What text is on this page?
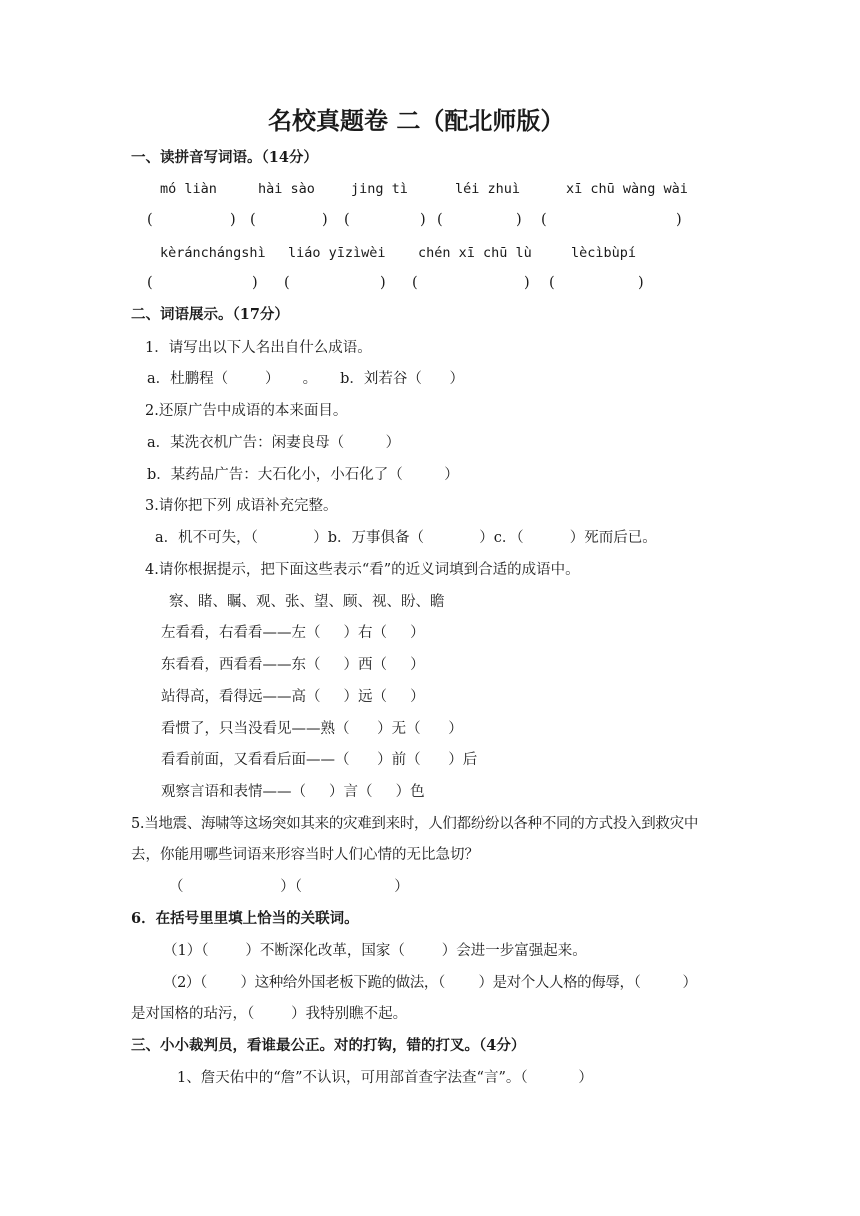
名校真题卷 二（配北师版）
一、读拼音写词语。（14分）
mó liàn	hài sào	jing tì	léi zhuì	xī chū wàng wài
(	) (	) (	) (	) (	)
kèránchángshì liáo yīzìwèi chén xī chū lù	lècìbùpí
(	) (	) (	) (	)
二、词语展示。（17分）
1．请写出以下人名出自什么成语。
a．杜鹏程（        ）     。     b．刘若谷（      ）
2.还原广告中成语的本来面目。
a．某洗衣机广告：闲妻良母（         ）
b．某药品广告：大石化小，小石化了（         ）
3.请你把下列 成语补充完整。
a．机不可失，（            ）b．万事俱备（            ）c．（          ）死而后已。
4.请你根据提示，把下面这些表示“看”的近义词填到合适的成语中。
察、睹、瞩、观、张、望、顾、视、盼、瞻
左看看，右看看——左（     ）右（     ）
东看看，西看看——东（     ）西（     ）
站得高，看得远——高（     ）远（     ）
看惯了，只当没看见——熟（      ）无（      ）
看看前面，又看看后面——（      ）前（      ）后
观察言语和表情——（     ）言（     ）色
5.当地震、海啸等这场突如其来的灾难到来时，人们都纷纷以各种不同的方式投入到救灾中
去，你能用哪些词语来形容当时人们心情的无比急切？
（                     ）（                    ）
6．在括号里里填上恰当的关联词。
（1）（        ）不断深化改革，国家（        ）会进一步富强起来。
（2）（        ）这种给外国老板下跪的做法，（        ）是对个人人格的侮辱，（          ）
是对国格的玷污，（        ）我特别瞧不起。
三、小小裁判员，看谁最公正。对的打钩，错的打叉。（4分）
1、詹天佑中的“詹”不认识，可用部首查字法查“言”。（           ）
